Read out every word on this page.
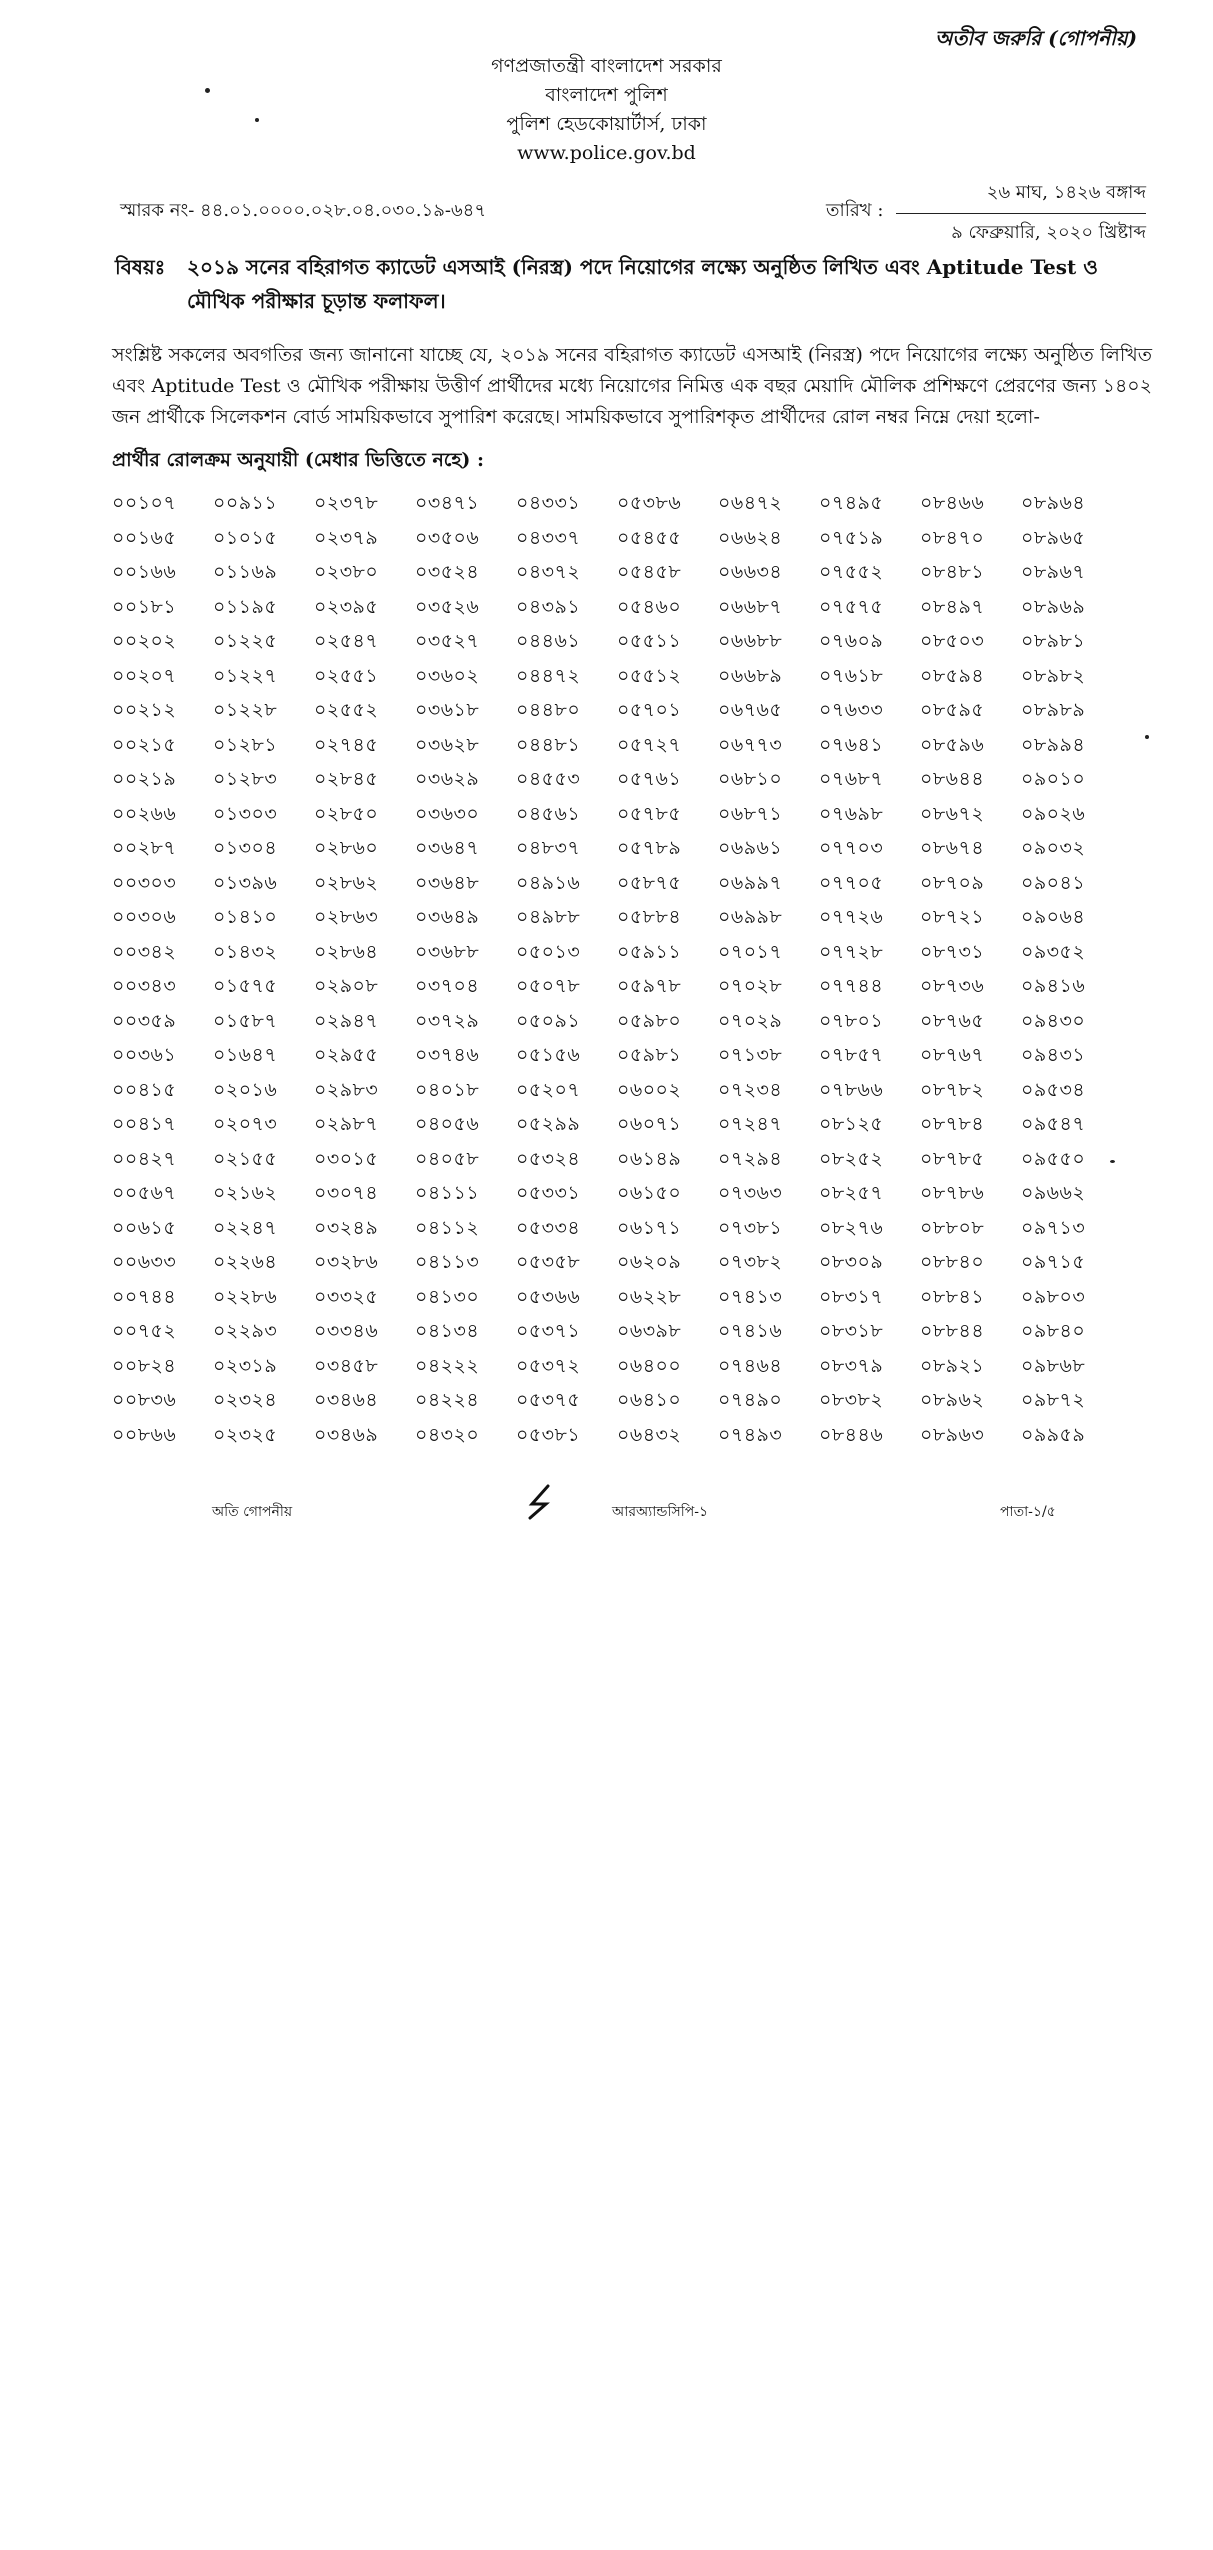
অতীব জরুরি (গোপনীয়)
গণপ্রজাতন্ত্রী বাংলাদেশ সরকার
বাংলাদেশ পুলিশ
পুলিশ হেডকোয়ার্টার্স, ঢাকা
www.police.gov.bd
স্মারক নং- ৪৪.০১.০০০০.০২৮.০৪.০৩০.১৯-৬৪৭	তারিখ :
২৬ মাঘ, ১৪২৬ বঙ্গাব্দ
৯ ফেব্রুয়ারি, ২০২০ খ্রিষ্টাব্দ
বিষয়ঃ ২০১৯ সনের বহিরাগত ক্যাডেট এসআই (নিরস্ত্র) পদে নিয়োগের লক্ষ্যে অনুষ্ঠিত লিখিত এবং Aptitude Test ও মৌখিক পরীক্ষার চূড়ান্ত ফলাফল।
সংশ্লিষ্ট সকলের অবগতির জন্য জানানো যাচ্ছে যে, ২০১৯ সনের বহিরাগত ক্যাডেট এসআই (নিরস্ত্র) পদে নিয়োগের লক্ষ্যে অনুষ্ঠিত লিখিত এবং Aptitude Test ও মৌখিক পরীক্ষায় উত্তীর্ণ প্রার্থীদের মধ্যে নিয়োগের নিমিত্ত এক বছর মেয়াদি মৌলিক প্রশিক্ষণে প্রেরণের জন্য ১৪০২ জন প্রার্থীকে সিলেকশন বোর্ড সাময়িকভাবে সুপারিশ করেছে। সাময়িকভাবে সুপারিশকৃত প্রার্থীদের রোল নম্বর নিম্নে দেয়া হলো-
প্রার্থীর রোলক্রম অনুযায়ী (মেধার ভিত্তিতে নহে) :
০০১০৭	০০৯১১	০২৩৭৮	০৩৪৭১	০৪৩৩১	০৫৩৮৬	০৬৪৭২	০৭৪৯৫	০৮৪৬৬	০৮৯৬৪
০০১৬৫	০১০১৫	০২৩৭৯	০৩৫০৬	০৪৩৩৭	০৫৪৫৫	০৬৬২৪	০৭৫১৯	০৮৪৭০	০৮৯৬৫
০০১৬৬	০১১৬৯	০২৩৮০	০৩৫২৪	০৪৩৭২	০৫৪৫৮	০৬৬৩৪	০৭৫৫২	০৮৪৮১	০৮৯৬৭
০০১৮১	০১১৯৫	০২৩৯৫	০৩৫২৬	০৪৩৯১	০৫৪৬০	০৬৬৮৭	০৭৫৭৫	০৮৪৯৭	০৮৯৬৯
০০২০২	০১২২৫	০২৫৪৭	০৩৫২৭	০৪৪৬১	০৫৫১১	০৬৬৮৮	০৭৬০৯	০৮৫০৩	০৮৯৮১
০০২০৭	০১২২৭	০২৫৫১	০৩৬০২	০৪৪৭২	০৫৫১২	০৬৬৮৯	০৭৬১৮	০৮৫৯৪	০৮৯৮২
০০২১২	০১২২৮	০২৫৫২	০৩৬১৮	০৪৪৮০	০৫৭০১	০৬৭৬৫	০৭৬৩৩	০৮৫৯৫	০৮৯৮৯
০০২১৫	০১২৮১	০২৭৪৫	০৩৬২৮	০৪৪৮১	০৫৭২৭	০৬৭৭৩	০৭৬৪১	০৮৫৯৬	০৮৯৯৪
০০২১৯	০১২৮৩	০২৮৪৫	০৩৬২৯	০৪৫৫৩	০৫৭৬১	০৬৮১০	০৭৬৮৭	০৮৬৪৪	০৯০১০
০০২৬৬	০১৩০৩	০২৮৫০	০৩৬৩০	০৪৫৬১	০৫৭৮৫	০৬৮৭১	০৭৬৯৮	০৮৬৭২	০৯০২৬
০০২৮৭	০১৩০৪	০২৮৬০	০৩৬৪৭	০৪৮৩৭	০৫৭৮৯	০৬৯৬১	০৭৭০৩	০৮৬৭৪	০৯০৩২
০০৩০৩	০১৩৯৬	০২৮৬২	০৩৬৪৮	০৪৯১৬	০৫৮৭৫	০৬৯৯৭	০৭৭০৫	০৮৭০৯	০৯০৪১
০০৩০৬	০১৪১০	০২৮৬৩	০৩৬৪৯	০৪৯৮৮	০৫৮৮৪	০৬৯৯৮	০৭৭২৬	০৮৭২১	০৯০৬৪
০০৩৪২	০১৪৩২	০২৮৬৪	০৩৬৮৮	০৫০১৩	০৫৯১১	০৭০১৭	০৭৭২৮	০৮৭৩১	০৯৩৫২
০০৩৪৩	০১৫৭৫	০২৯০৮	০৩৭০৪	০৫০৭৮	০৫৯৭৮	০৭০২৮	০৭৭৪৪	০৮৭৩৬	০৯৪১৬
০০৩৫৯	০১৫৮৭	০২৯৪৭	০৩৭২৯	০৫০৯১	০৫৯৮০	০৭০২৯	০৭৮০১	০৮৭৬৫	০৯৪৩০
০০৩৬১	০১৬৪৭	০২৯৫৫	০৩৭৪৬	০৫১৫৬	০৫৯৮১	০৭১৩৮	০৭৮৫৭	০৮৭৬৭	০৯৪৩১
০০৪১৫	০২০১৬	০২৯৮৩	০৪০১৮	০৫২০৭	০৬০০২	০৭২৩৪	০৭৮৬৬	০৮৭৮২	০৯৫৩৪
০০৪১৭	০২০৭৩	০২৯৮৭	০৪০৫৬	০৫২৯৯	০৬০৭১	০৭২৪৭	০৮১২৫	০৮৭৮৪	০৯৫৪৭
০০৪২৭	০২১৫৫	০৩০১৫	০৪০৫৮	০৫৩২৪	০৬১৪৯	০৭২৯৪	০৮২৫২	০৮৭৮৫	০৯৫৫০
০০৫৬৭	০২১৬২	০৩০৭৪	০৪১১১	০৫৩৩১	০৬১৫০	০৭৩৬৩	০৮২৫৭	০৮৭৮৬	০৯৬৬২
০০৬১৫	০২২৪৭	০৩২৪৯	০৪১১২	০৫৩৩৪	০৬১৭১	০৭৩৮১	০৮২৭৬	০৮৮০৮	০৯৭১৩
০০৬৩৩	০২২৬৪	০৩২৮৬	০৪১১৩	০৫৩৫৮	০৬২০৯	০৭৩৮২	০৮৩০৯	০৮৮৪০	০৯৭১৫
০০৭৪৪	০২২৮৬	০৩৩২৫	০৪১৩০	০৫৩৬৬	০৬২২৮	০৭৪১৩	০৮৩১৭	০৮৮৪১	০৯৮০৩
০০৭৫২	০২২৯৩	০৩৩৪৬	০৪১৩৪	০৫৩৭১	০৬৩৯৮	০৭৪১৬	০৮৩১৮	০৮৮৪৪	০৯৮৪০
০০৮২৪	০২৩১৯	০৩৪৫৮	০৪২২২	০৫৩৭২	০৬৪০০	০৭৪৬৪	০৮৩৭৯	০৮৯২১	০৯৮৬৮
০০৮৩৬	০২৩২৪	০৩৪৬৪	০৪২২৪	০৫৩৭৫	০৬৪১০	০৭৪৯০	০৮৩৮২	০৮৯৬২	০৯৮৭২
০০৮৬৬	০২৩২৫	০৩৪৬৯	০৪৩২০	০৫৩৮১	০৬৪৩২	০৭৪৯৩	০৮৪৪৬	০৮৯৬৩	০৯৯৫৯
অতি গোপনীয়	আরঅ্যান্ডসিপি-১	পাতা-১/৫
